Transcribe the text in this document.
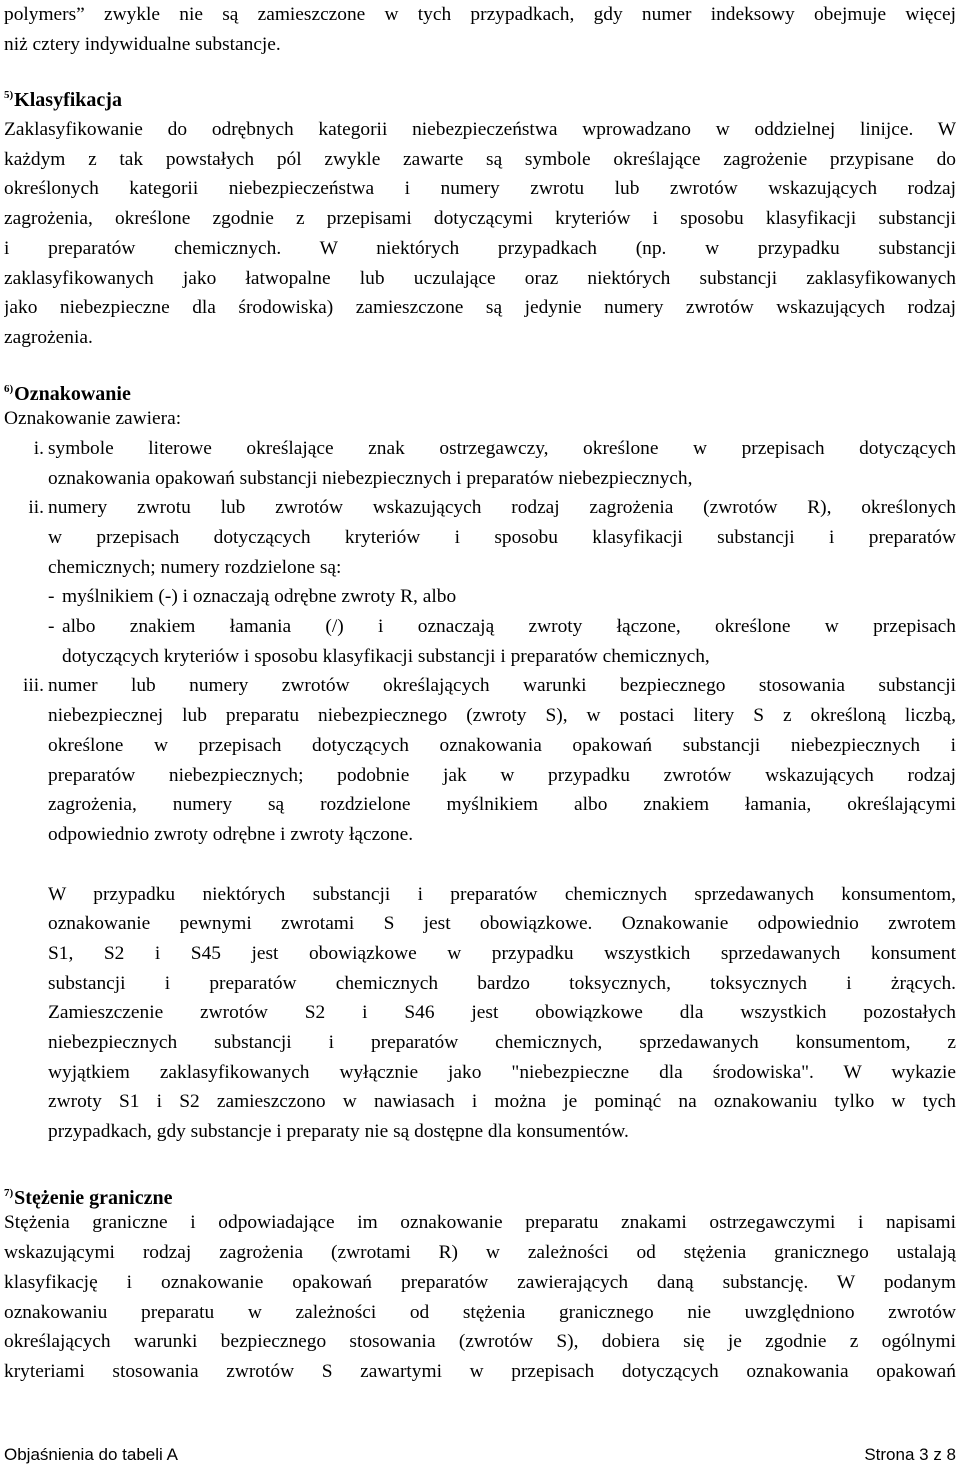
polymers” zwykle nie są zamieszczone w tych przypadkach, gdy numer indeksowy obejmuje więcej
niż cztery indywidualne substancje.
$^{5)}$Klasyfikacja
Zaklasyfikowanie do odrębnych kategorii niebezpieczeństwa wprowadzano w oddzielnej linijce. W
każdym z tak powstałych pól zwykle zawarte są symbole określające zagrożenie przypisane do
określonych kategorii niebezpieczeństwa i numery zwrotu lub zwrotów wskazujących rodzaj
zagrożenia, określone zgodnie z przepisami dotyczącymi kryteriów i sposobu klasyfikacji substancji
i preparatów chemicznych. W niektórych przypadkach (np. w przypadku substancji
zaklasyfikowanych jako łatwopalne lub uczulające oraz niektórych substancji zaklasyfikowanych
jako niebezpieczne dla środowiska) zamieszczone są jedynie numery zwrotów wskazujących rodzaj
zagrożenia.
$^{6)}$Oznakowanie
Oznakowanie zawiera:
i. symbole literowe określające znak ostrzegawczy, określone w przepisach dotyczących
oznakowania opakowań substancji niebezpiecznych i preparatów niebezpiecznych,
ii. numery zwrotu lub zwrotów wskazujących rodzaj zagrożenia (zwrotów R), określonych
w przepisach dotyczących kryteriów i sposobu klasyfikacji substancji i preparatów
chemicznych; numery rozdzielone są:
- myślnikiem (-) i oznaczają odrębne zwroty R, albo
- albo znakiem łamania (/) i oznaczają zwroty łączone, określone w przepisach
dotyczących kryteriów i sposobu klasyfikacji substancji i preparatów chemicznych,
iii. numer lub numery zwrotów określających warunki bezpiecznego stosowania substancji
niebezpiecznej lub preparatu niebezpiecznego (zwroty S), w postaci litery S z określoną liczbą,
określone w przepisach dotyczących oznakowania opakowań substancji niebezpiecznych i
preparatów niebezpiecznych; podobnie jak w przypadku zwrotów wskazujących rodzaj
zagrożenia, numery są rozdzielone myślnikiem albo znakiem łamania, określającymi
odpowiednio zwroty odrębne i zwroty łączone.
W przypadku niektórych substancji i preparatów chemicznych sprzedawanych konsumentom,
oznakowanie pewnymi zwrotami S jest obowiązkowe. Oznakowanie odpowiednio zwrotem
S1, S2 i S45 jest obowiązkowe w przypadku wszystkich sprzedawanych konsument
substancji i preparatów chemicznych bardzo toksycznych, toksycznych i żrących.
Zamieszczenie zwrotów S2 i S46 jest obowiązkowe dla wszystkich pozostałych
niebezpiecznych substancji i preparatów chemicznych, sprzedawanych konsumentom, z
wyjątkiem zaklasyfikowanych wyłącznie jako "niebezpieczne dla środowiska". W wykazie
zwroty S1 i S2 zamieszczono w nawiasach i można je pominąć na oznakowaniu tylko w tych
przypadkach, gdy substancje i preparaty nie są dostępne dla konsumentów.
$^{7)}$Stężenie graniczne
Stężenia graniczne i odpowiadające im oznakowanie preparatu znakami ostrzegawczymi i napisami
wskazującymi rodzaj zagrożenia (zwrotami R) w zależności od stężenia granicznego ustalają
klasyfikację i oznakowanie opakowań preparatów zawierających daną substancję. W podanym
oznakowaniu preparatu w zależności od stężenia granicznego nie uwzględniono zwrotów
określających warunki bezpiecznego stosowania (zwrotów S), dobiera się je zgodnie z ogólnymi
kryteriami stosowania zwrotów S zawartymi w przepisach dotyczących oznakowania opakowań
Objaśnienia do tabeli A	Strona 3 z 8
